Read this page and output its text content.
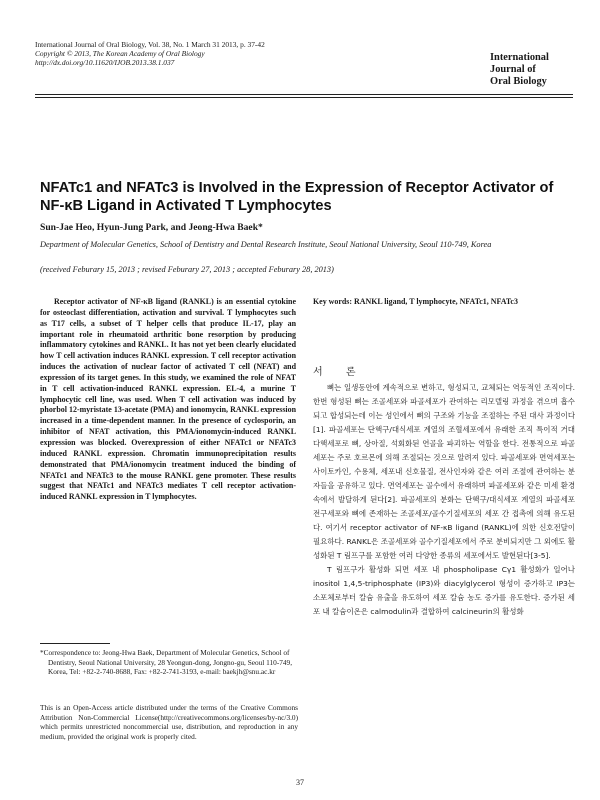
International Journal of Oral Biology, Vol. 38, No. 1 March 31 2013, p. 37-42
Copyright © 2013, The Korean Academy of Oral Biology
http://dx.doi.org/10.11620/IJOB.2013.38.1.037	International
Journal of
Oral Biology
NFATc1 and NFATc3 is Involved in the Expression of Receptor Activator of
NF-κB Ligand in Activated T Lymphocytes
Sun-Jae Heo, Hyun-Jung Park, and Jeong-Hwa Baek*
Department of Molecular Genetics, School of Dentistry and Dental Research Institute, Seoul National University, Seoul 110-749, Korea
(received Feburary 15, 2013 ; revised Feburary 27, 2013 ; accepted Feburary 28, 2013)

Receptor activator of NF-κB ligand (RANKL) is an essential cytokine for osteoclast differentiation, activation and survival. T lymphocytes such as T17 cells, a subset of T helper cells that produce IL-17, play an important role in rheumatoid arthritic bone resorption by producing inflammatory cytokines and RANKL. It has not yet been clearly elucidated how T cell activation induces RANKL expression. T cell receptor activation induces the activation of nuclear factor of activated T cell (NFAT) and expression of its target genes. In this study, we examined the role of NFAT in T cell activation-induced RANKL expression. EL-4, a murine T lymphocytic cell line, was used. When T cell activation was induced by phorbol 12-myristate 13-acetate (PMA) and ionomycin, RANKL expression increased in a time-dependent manner. In the presence of cyclosporin, an inhibitor of NFAT activation, this PMA/ionomycin-induced RANKL expression was blocked. Overexpression of either NFATc1 or NFATc3 induced RANKL expression. Chromatin immunoprecipitation results demonstrated that PMA/ionomycin treatment induced the binding of NFATc1 and NFATc3 to the mouse RANKL gene promoter. These results suggest that NFATc1 and NFATc3 mediates T cell receptor activation-induced RANKL expression in T lymphocytes.

*Correspondence to: Jeong-Hwa Baek, Department of Molecular Genetics, School of Dentistry, Seoul National University, 28 Yeongun-dong, Jongno-gu, Seoul 110-749, Korea, Tel: +82-2-740-8688, Fax: +82-2-741-3193, e-mail: baekjh@snu.ac.kr

This is an Open-Access article distributed under the terms of the Creative Commons Attribution Non-Commercial License(http://creativecommons.org/licenses/by-nc/3.0) which permits unrestricted noncommercial use, distribution, and reproduction in any medium, provided the original work is properly cited.

Key words: RANKL ligand, T lymphocyte, NFATc1, NFATc3
서 론

뼈는 일생동안에 계속적으로 변하고, 형성되고, 교체되는 역동적인 조직이다. 한번 형성된 뼈는 조골세포와 파골세포가 관여하는 리모델링 과정을 겪으며 흡수되고 합성되는데 이는 성인에서 뼈의 구조와 기능을 조절하는 주된 대사 과정이다[1]. 파골세포는 단핵구/대식세포 계열의 조혈세포에서 유래한 조직 특이적 거대 다핵세포로 뼈, 상아질, 석회화된 연골을 파괴하는 역할을 한다. 전통적으로 파골세포는 주로 호르몬에 의해 조절되는 것으로 알려져 있다. 파골세포와 면역세포는 사이토카인, 수용체, 세포내 신호물질, 전사인자와 같은 여러 조절에 관여하는 분자들을 공유하고 있다. 면역세포는 골수에서 유래하며 파골세포와 같은 미세 환경 속에서 발달하게 된다[2]. 파골세포의 분화는 단핵구/대식세포 계열의 파골세포 전구세포와 뼈에 존재하는 조골세포/골수기질세포의 세포 간 접촉에 의해 유도된다. 여기서 receptor activator of NF-κB ligand (RANKL)에 의한 신호전달이 필요하다. RANKL은 조골세포와 골수기질세포에서 주로 분비되지만 그 외에도 활성화된 T 림프구를 포함한 여러 다양한 종류의 세포에서도 발현된다[3-5].

T 림프구가 활성화 되면 세포 내 phospholipase Cγ1 활성화가 일어나 inositol 1,4,5-triphosphate (IP3)와 diacylglycerol 형성이 증가하고 IP3는 소포체로부터 칼슘 유출을 유도하여 세포 칼슘 농도 증가를 유도한다. 증가된 세포 내 칼슘이온은 calmodulin과 결합하여 calcineurin의 활성화

37
